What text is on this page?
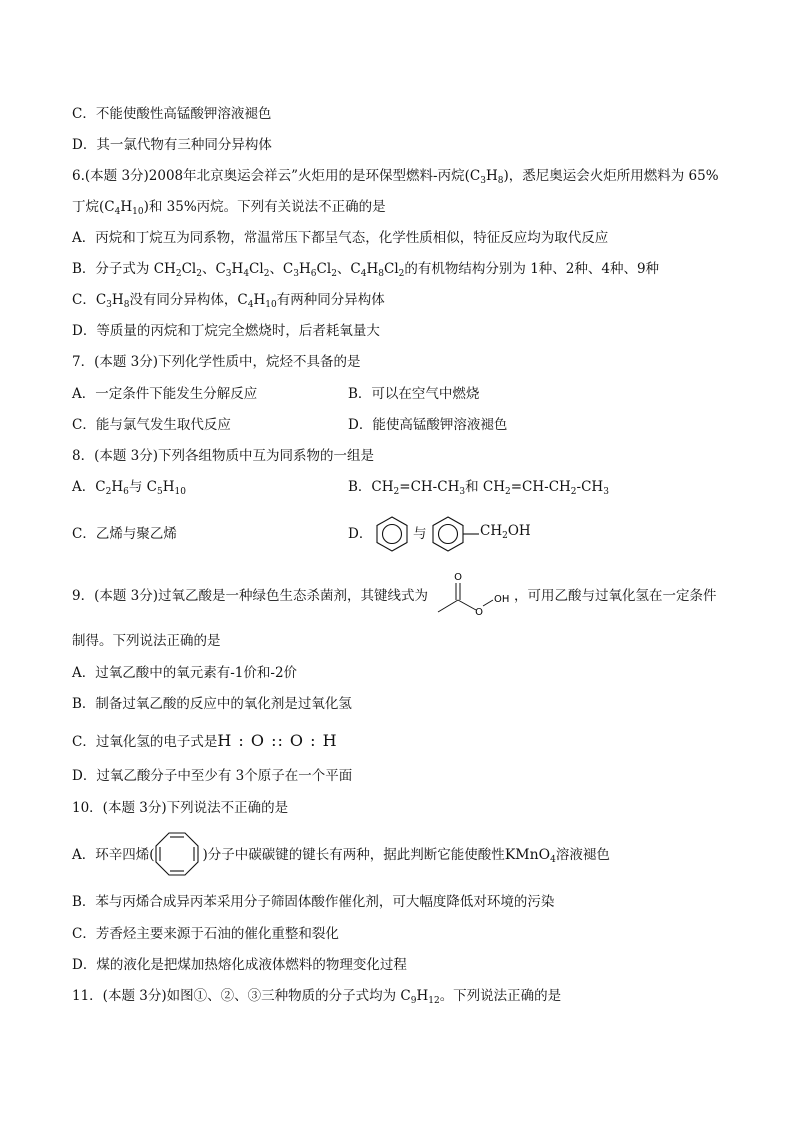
C．不能使酸性高锰酸钾溶液褪色
D．其一氯代物有三种同分异构体
6.(本题 3分)2008年北京奥运会祥云”火炬用的是环保型燃料-丙烷$(C_3H_8)$，悉尼奥运会火炬所用燃料为 65%
丁烷$(C_4H_{10})$和 35%丙烷。下列有关说法不正确的是
A．丙烷和丁烷互为同系物，常温常压下都呈气态，化学性质相似，特征反应均为取代反应
B．分子式为 $CH_2Cl_2$、$C_3H_4Cl_2$、$C_3H_6Cl_2$、$C_4H_8Cl_2$的有机物结构分别为 1种、2种、4种、9种
C．$C_3H_8$没有同分异构体，$C_4H_{10}$有两种同分异构体
D．等质量的丙烷和丁烷完全燃烧时，后者耗氧量大
7．(本题 3分)下列化学性质中，烷烃不具备的是
A．一定条件下能发生分解反应	B．可以在空气中燃烧
C．能与氯气发生取代反应	D．能使高锰酸钾溶液褪色
8．(本题 3分)下列各组物质中互为同系物的一组是
A．$C_2H_6$与 $C_5H_{10}$	B．$CH_2=CH-CH_3$和 $CH_2=CH-CH_2-CH_3$
C．乙烯与聚乙烯	D．	与	$CH_2OH$
9．(本题 3分)过氧乙酸是一种绿色生态杀菌剂，其键线式为
O
O
OH ，可用乙酸与过氧化氢在一定条件
制得。下列说法正确的是
A．过氧乙酸中的氧元素有-1价和-2价
B．制备过氧乙酸的反应中的氧化剂是过氧化氢
C．过氧化氢的电子式是H : O :: O : H
D．过氧乙酸分子中至少有 3个原子在一个平面
10．(本题 3分)下列说法不正确的是
A．环辛四烯(	)分子中碳碳键的键长有两种，据此判断它能使酸性KMnO$_4$溶液褪色
B．苯与丙烯合成异丙苯采用分子筛固体酸作催化剂，可大幅度降低对环境的污染
C．芳香烃主要来源于石油的催化重整和裂化
D．煤的液化是把煤加热熔化成液体燃料的物理变化过程
11．(本题 3分)如图①、②、③三种物质的分子式均为 $C_9H_{12}$。下列说法正确的是
